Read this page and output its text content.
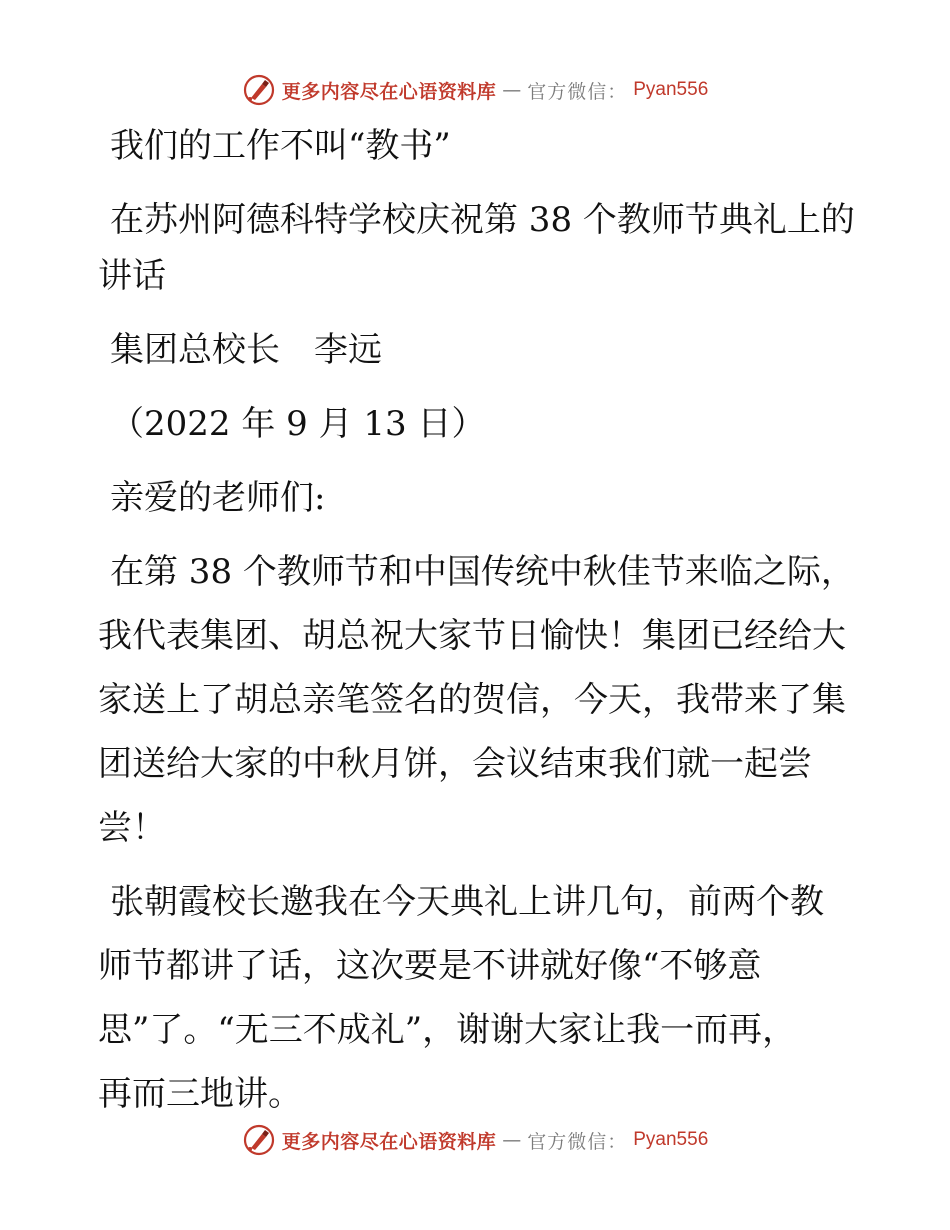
更多内容尽在心语资料库 — 官方微信： Pyan556

我们的工作不叫“教书”

在苏州阿德科特学校庆祝第 38 个教师节典礼上的

讲话

集团总校长　李远

（2022 年 9 月 13 日）

亲爱的老师们:

在第 38 个教师节和中国传统中秋佳节来临之际，

我代表集团、胡总祝大家节日愉快！集团已经给大

家送上了胡总亲笔签名的贺信，今天，我带来了集

团送给大家的中秋月饼，会议结束我们就一起尝

尝！

张朝霞校长邀我在今天典礼上讲几句，前两个教

师节都讲了话，这次要是不讲就好像“不够意

思”了。“无三不成礼”，谢谢大家让我一而再，

再而三地讲。

更多内容尽在心语资料库 — 官方微信： Pyan556
